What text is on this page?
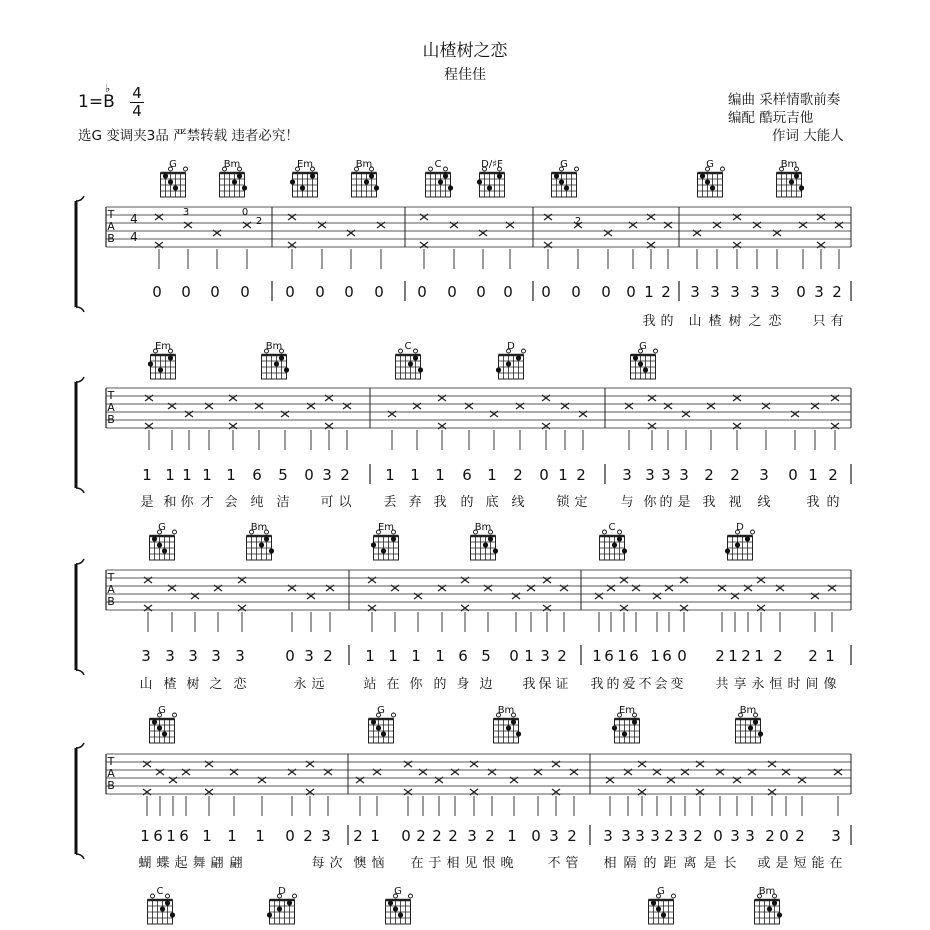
山楂树之恋
程佳佳
1=
♭
B 4
4
编曲 采样情歌前奏
编配 酷玩吉他
作词 大能人
选G 变调夹3品 严禁转载 违者必究！
G	Bm	Em	Bm	C	D/♯F	G	G	Bm
T
A
B
4
4
3	0
2	2
0 0 0 0 0 0 0 0 0 0 0 0 0 0 0 0 1 2 3 3 3 3 3 0 3 2
我 的 山 楂 树 之 恋 只 有
Em	Bm	C	D	G
T
A
B
1 1 1 1 1 6 5 0 3 2 1 1 1 6 1 2 0 1 2 3 3 3 3 2 2 3 0 1 2
是 和 你 才 会 纯 洁 可 以 丢 弃 我 的 底 线 锁 定	与 你 的 是 我 视 线	我 的
G	Bm	Em	Bm	C	D
T
A
B
3 3 3 3 3	0 3 2 1 1 1 1 6 5 0 1 3 2 1 6 1 6 1 6 0 2 1 2 1 2 2 1
山 楂 树 之 恋	永 远	站 在 你 的 身 边 我 保 证 我 的 爱 不 会 变 共 享 永 恒 时 间 像
G	G	Bm	Em	Bm
T
A
B
1 6 1 6 1 1 1 0 2 3 2 1 0 2 2 2 3 2 1 0 3 2 3 3 3 3 2 3 2 0 3 3 2 0 2 3
蝴 蝶 起 舞 翩 翩	每 次 懊 恼 在 于 相 见 恨 晚	不 管 相 隔 的 距 离 是 长 或 是 短 能 在
C	D	G	G	Bm
